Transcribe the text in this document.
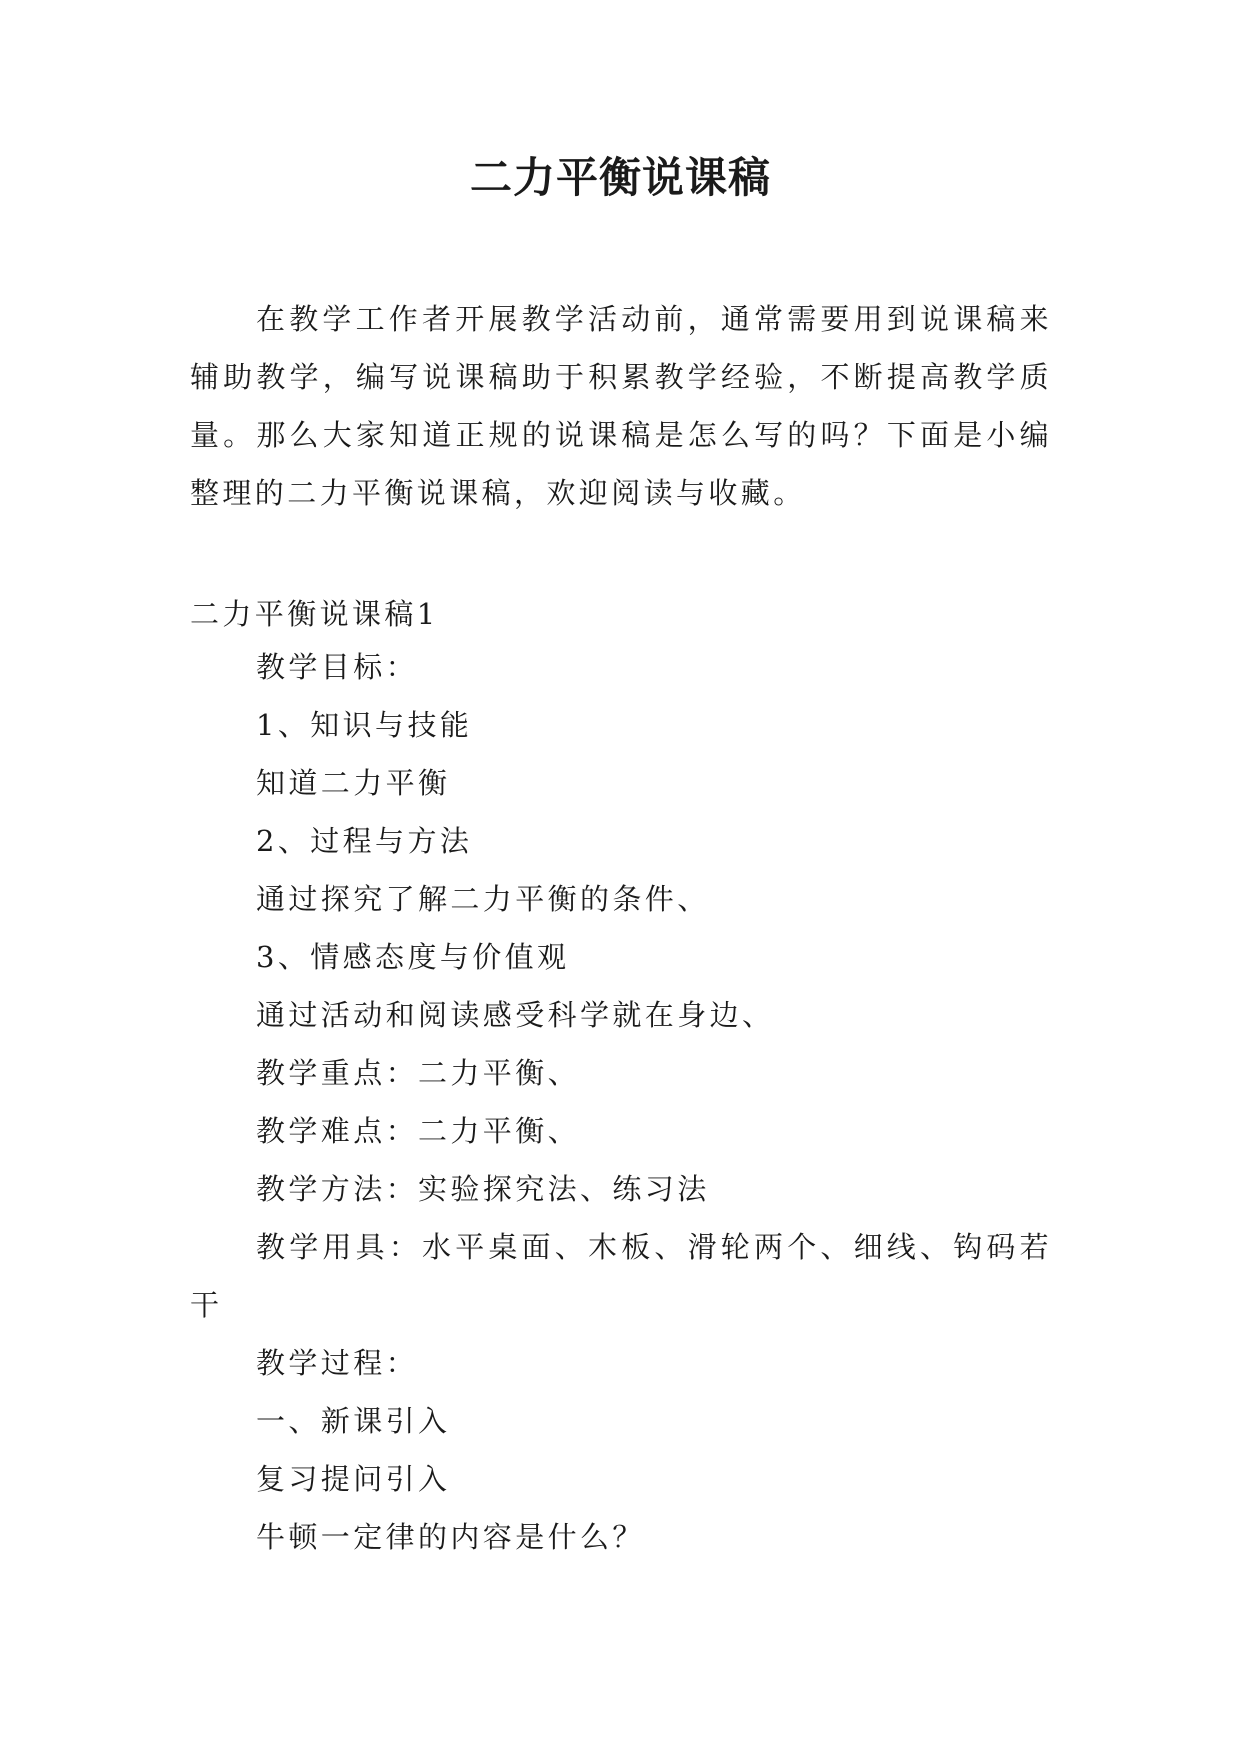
二力平衡说课稿

在教学工作者开展教学活动前，通常需要用到说课稿来辅助教学，编写说课稿助于积累教学经验，不断提高教学质量。那么大家知道正规的说课稿是怎么写的吗？下面是小编整理的二力平衡说课稿，欢迎阅读与收藏。

二力平衡说课稿1

教学目标：
1、知识与技能
知道二力平衡
2、过程与方法
通过探究了解二力平衡的条件、
3、情感态度与价值观
通过活动和阅读感受科学就在身边、
教学重点：二力平衡、
教学难点：二力平衡、
教学方法：实验探究法、练习法
教学用具：水平桌面、木板、滑轮两个、细线、钩码若干
教学过程：
一、新课引入
复习提问引入
牛顿一定律的内容是什么？
